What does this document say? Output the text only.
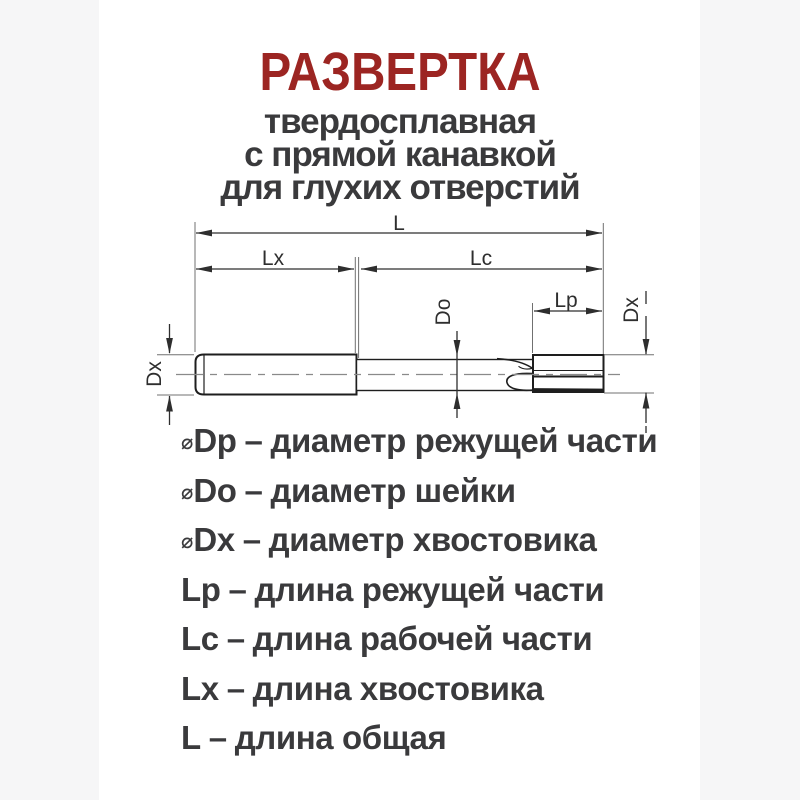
РАЗВЕРТКА
твердосплавная
с прямой канавкой
для глухих отверстий
L
Lx	Lc
Lp
Do
Dx
Dx
⌀Dp – диаметр режущей части
⌀Do – диаметр шейки
⌀Dx – диаметр хвостовика
Lp – длина режущей части
Lc – длина рабочей части
Lx – длина хвостовика
L – длина общая
